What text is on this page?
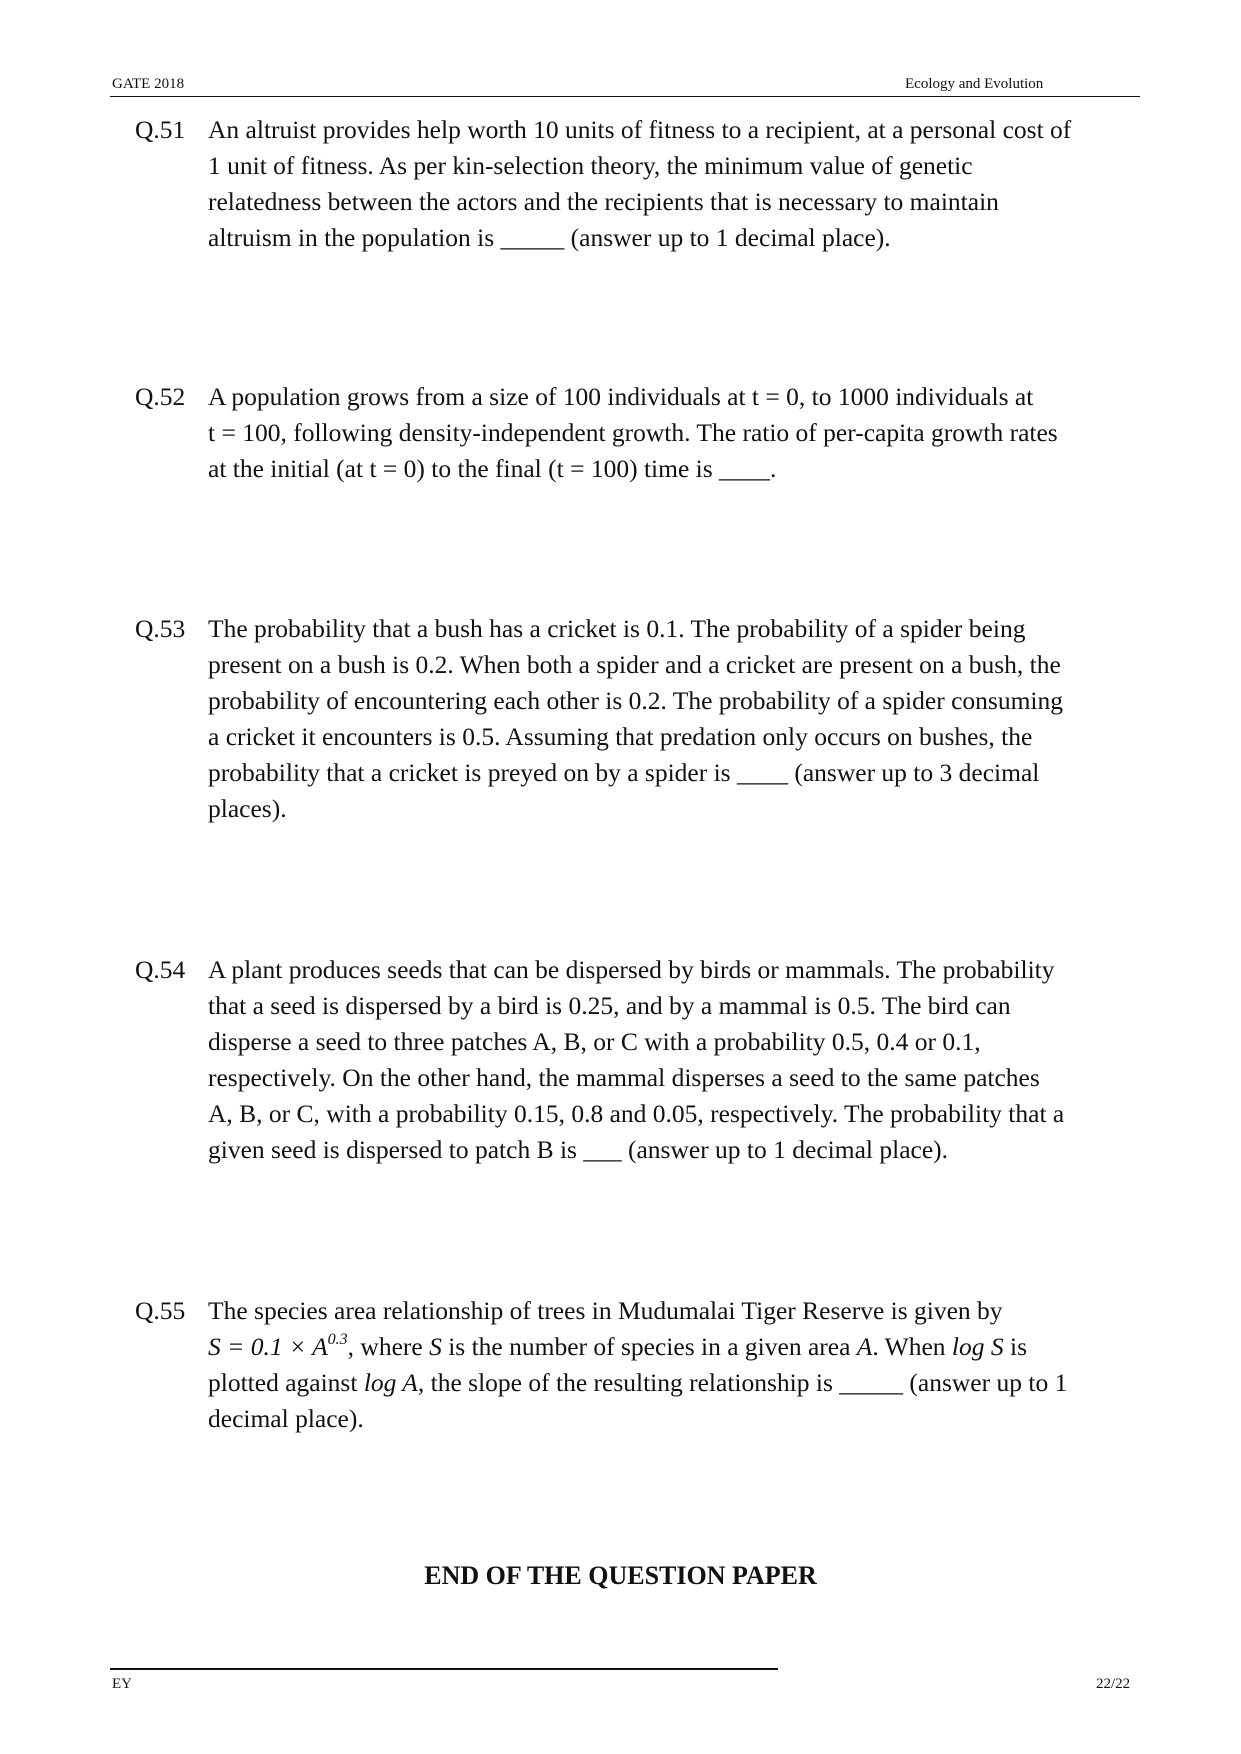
GATE 2018	Ecology and Evolution
Q.51 An altruist provides help worth 10 units of fitness to a recipient, at a personal cost of
1 unit of fitness. As per kin-selection theory, the minimum value of genetic
relatedness between the actors and the recipients that is necessary to maintain
altruism in the population is _____ (answer up to 1 decimal place).
Q.52 A population grows from a size of 100 individuals at t = 0, to 1000 individuals at
t = 100, following density-independent growth. The ratio of per-capita growth rates
at the initial (at t = 0) to the final (t = 100) time is ____.
Q.53 The probability that a bush has a cricket is 0.1. The probability of a spider being
present on a bush is 0.2. When both a spider and a cricket are present on a bush, the
probability of encountering each other is 0.2. The probability of a spider consuming
a cricket it encounters is 0.5. Assuming that predation only occurs on bushes, the
probability that a cricket is preyed on by a spider is ____ (answer up to 3 decimal
places).
Q.54 A plant produces seeds that can be dispersed by birds or mammals. The probability
that a seed is dispersed by a bird is 0.25, and by a mammal is 0.5. The bird can
disperse a seed to three patches A, B, or C with a probability 0.5, 0.4 or 0.1,
respectively. On the other hand, the mammal disperses a seed to the same patches
A, B, or C, with a probability 0.15, 0.8 and 0.05, respectively. The probability that a
given seed is dispersed to patch B is ___ (answer up to 1 decimal place).
Q.55 The species area relationship of trees in Mudumalai Tiger Reserve is given by
$S = 0.1 \times A^{0.3}$, where S is the number of species in a given area A. When log S is
plotted against log A, the slope of the resulting relationship is _____ (answer up to 1
decimal place).
END OF THE QUESTION PAPER
EY	22/22
